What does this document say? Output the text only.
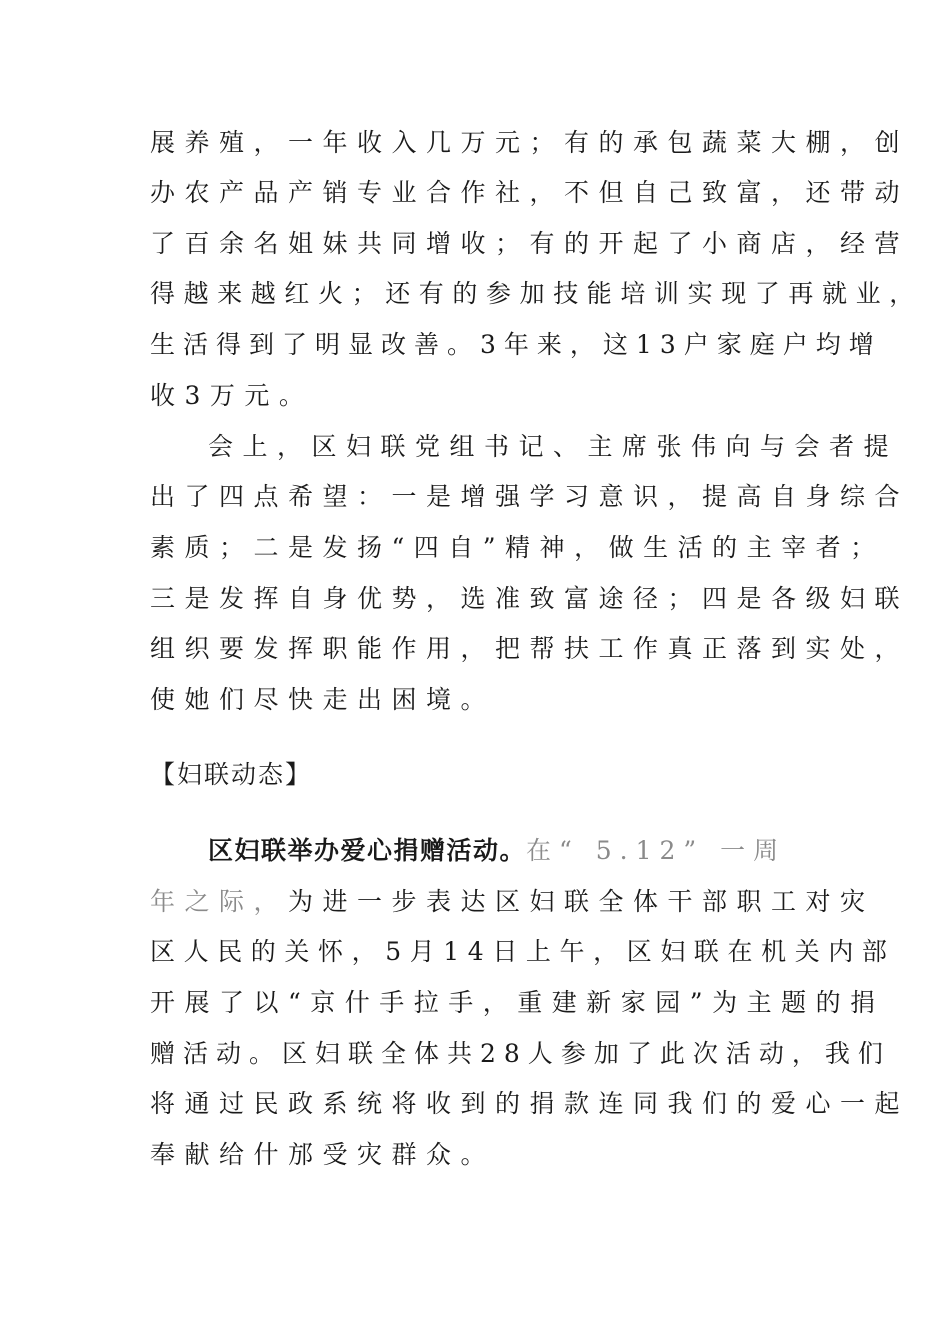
展养殖，一年收入几万元；有的承包蔬菜大棚，创
办农产品产销专业合作社，不但自己致富，还带动
了百余名姐妹共同增收；有的开起了小商店，经营
得越来越红火；还有的参加技能培训实现了再就业，
生活得到了明显改善。3年来，这13户家庭户均增
收3万元。
会上，区妇联党组书记、主席张伟向与会者提
出了四点希望：一是增强学习意识，提高自身综合
素质；二是发扬“四自”精神，做生活的主宰者；
三是发挥自身优势，选准致富途径；四是各级妇联
组织要发挥职能作用，把帮扶工作真正落到实处，
使她们尽快走出困境。
【妇联动态】
区妇联举办爱心捐赠活动。在“ 5.12” 一周
年之际，为进一步表达区妇联全体干部职工对灾
区人民的关怀，5月14日上午，区妇联在机关内部
开展了以“京什手拉手，重建新家园”为主题的捐
赠活动。区妇联全体共28人参加了此次活动，我们
将通过民政系统将收到的捐款连同我们的爱心一起
奉献给什邡受灾群众。
